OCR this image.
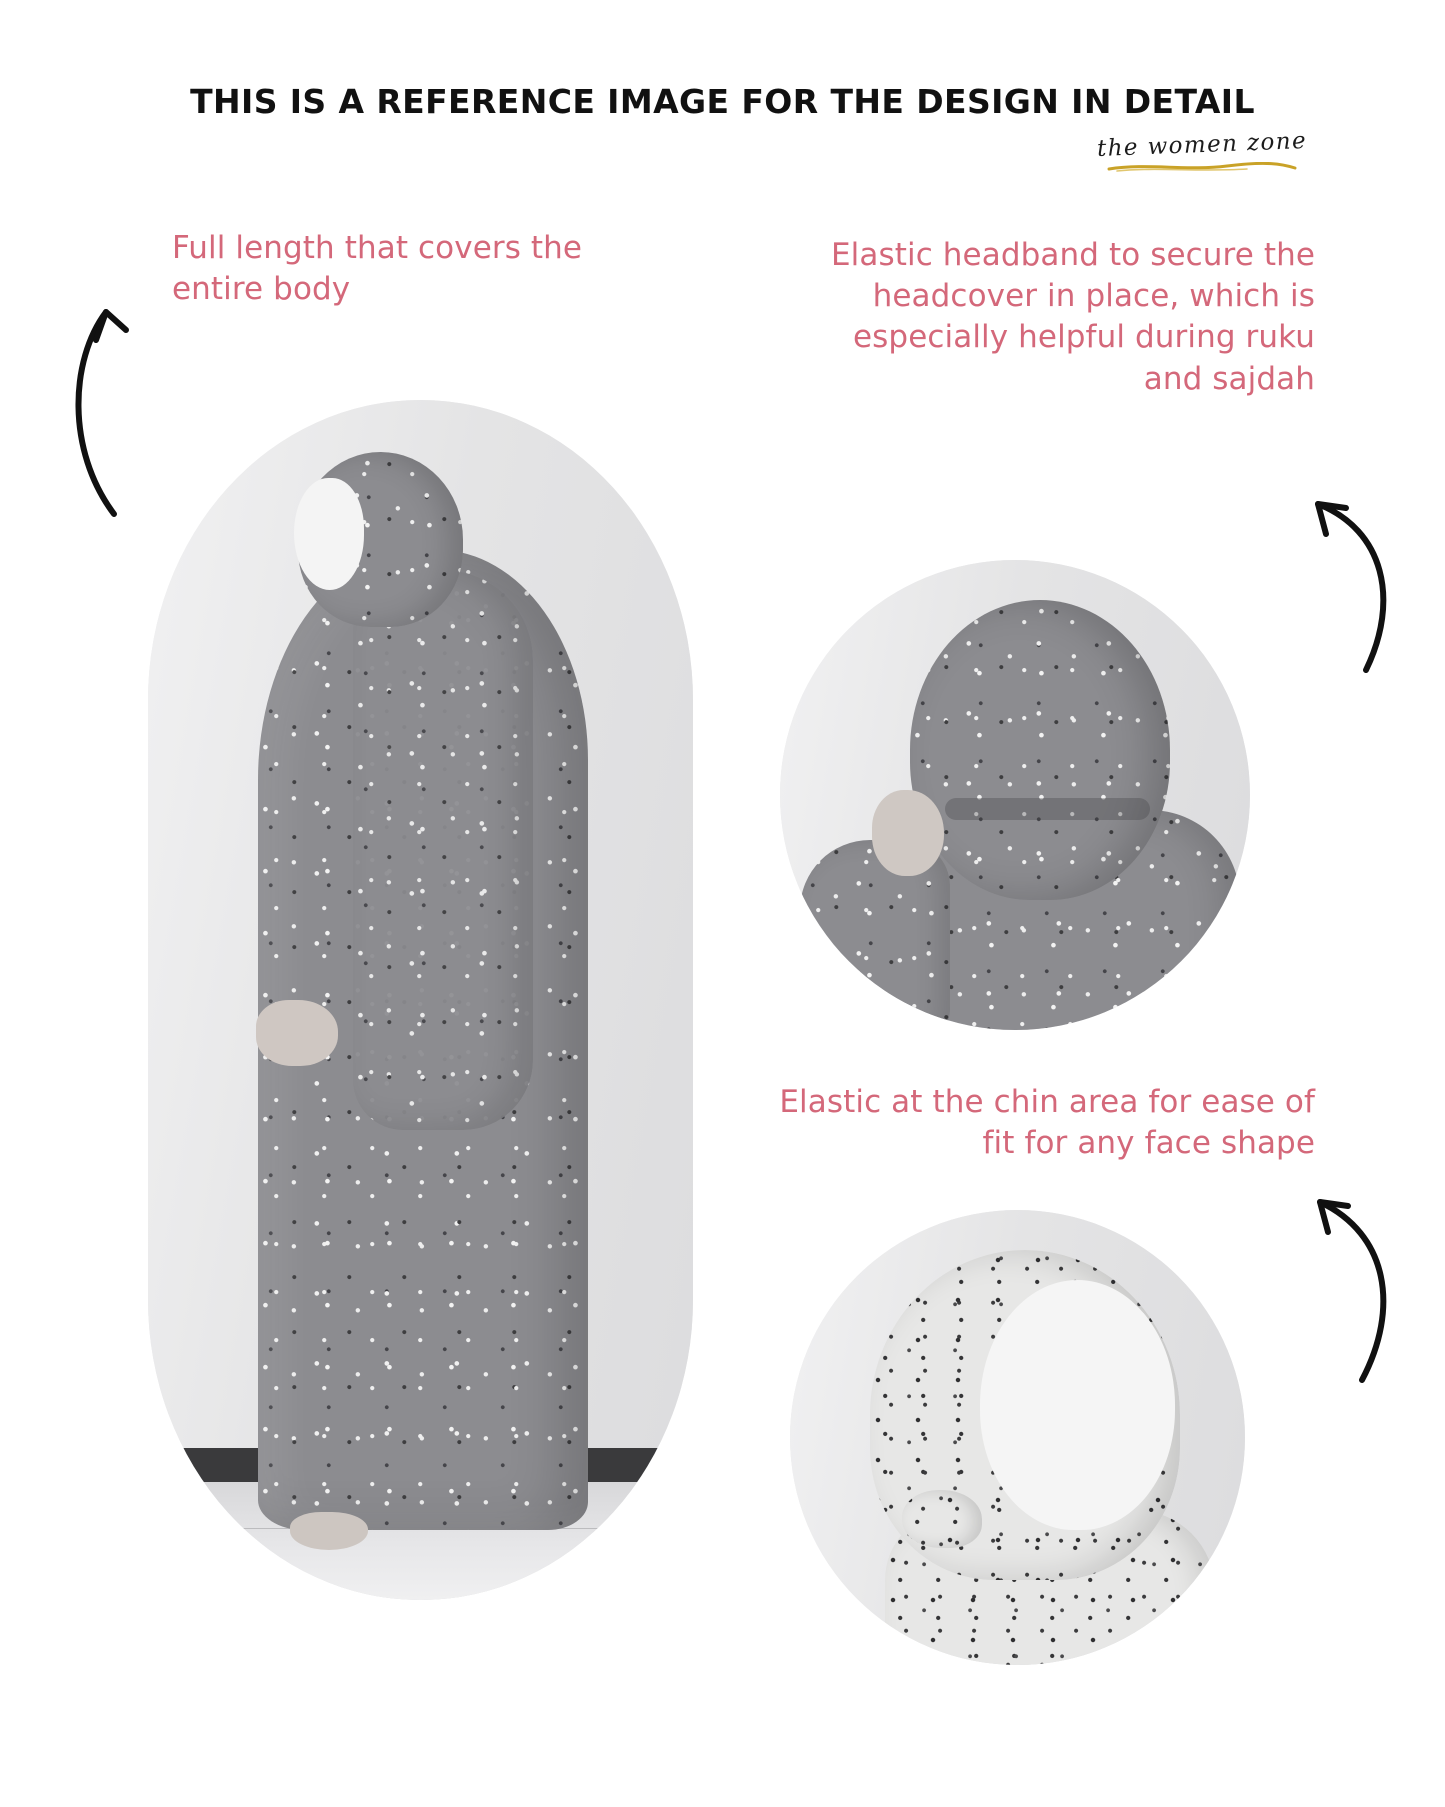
THIS IS A REFERENCE IMAGE FOR THE DESIGN IN DETAIL
the women zone
Full length that covers the entire body
Elastic headband to secure the headcover in place, which is especially helpful during ruku and sajdah
Elastic at the chin area for ease of fit for any face shape
